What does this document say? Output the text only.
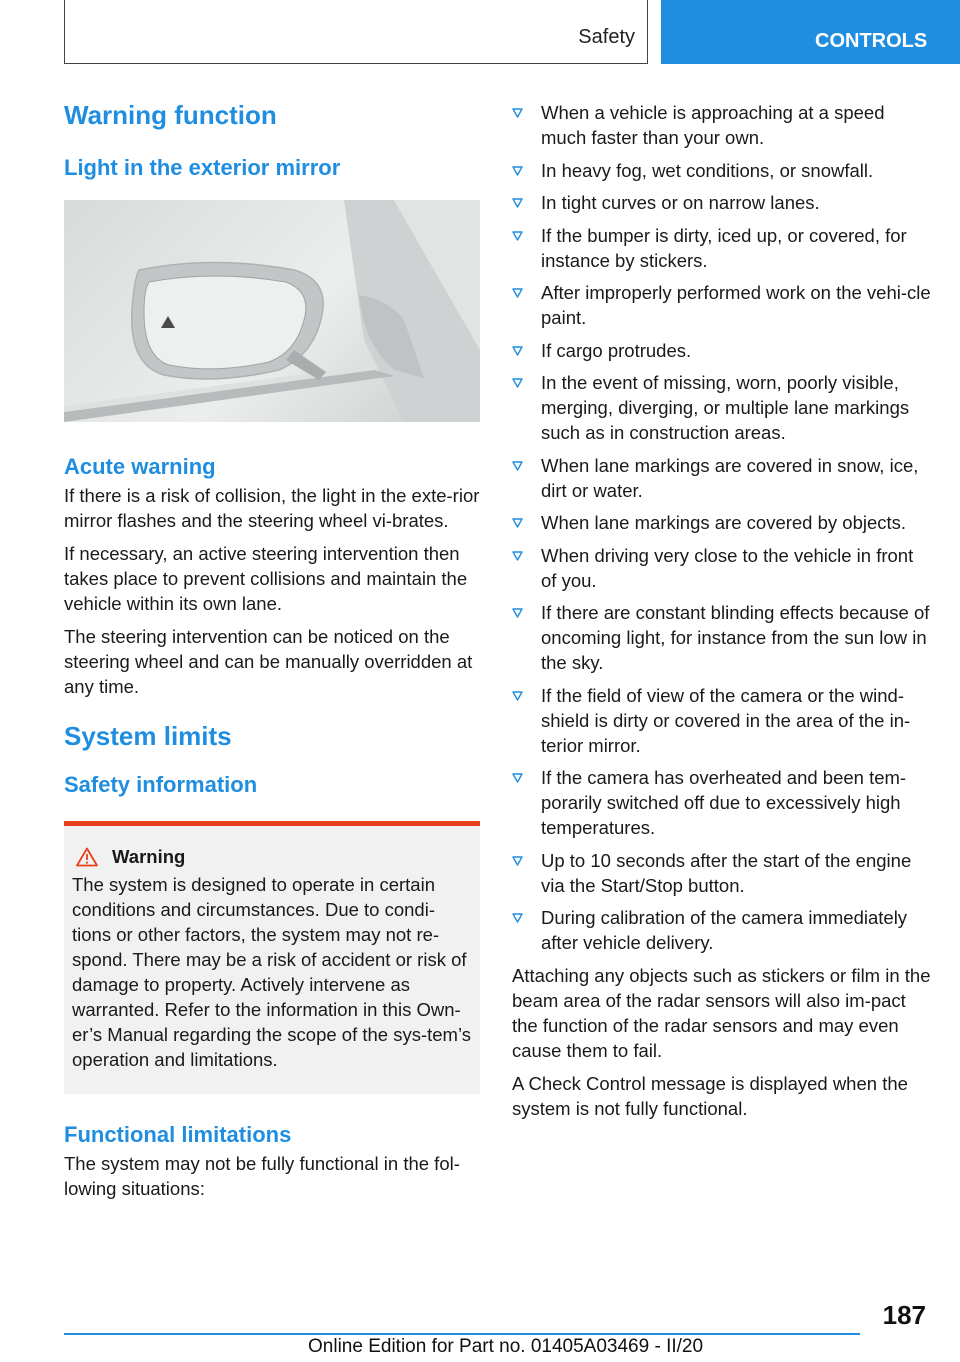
Safety	CONTROLS
Warning function
Light in the exterior mirror
Acute warning

If there is a risk of collision, the light in the exte‐rior mirror flashes and the steering wheel vi‐brates.

If necessary, an active steering intervention then takes place to prevent collisions and maintain the vehicle within its own lane.

The steering intervention can be noticed on the steering wheel and can be manually overridden at any time.

System limits
Safety information
Warning

The system is designed to operate in certain conditions and circumstances. Due to condi‐tions or other factors, the system may not re‐spond. There may be a risk of accident or risk of damage to property. Actively intervene as warranted. Refer to the information in this Own‐er’s Manual regarding the scope of the sys‐tem’s operation and limitations.

Functional limitations

The system may not be fully functional in the fol‐lowing situations:

When a vehicle is approaching at a speed much faster than your own.
In heavy fog, wet conditions, or snowfall.
In tight curves or on narrow lanes.
If the bumper is dirty, iced up, or covered, for instance by stickers.
After improperly performed work on the vehi‐cle paint.
If cargo protrudes.
In the event of missing, worn, poorly visible, merging, diverging, or multiple lane markings such as in construction areas.
When lane markings are covered in snow, ice, dirt or water.
When lane markings are covered by objects.
When driving very close to the vehicle in front of you.
If there are constant blinding effects because of oncoming light, for instance from the sun low in the sky.
If the field of view of the camera or the wind‐shield is dirty or covered in the area of the in‐terior mirror.
If the camera has overheated and been tem‐porarily switched off due to excessively high temperatures.
Up to 10 seconds after the start of the engine via the Start/Stop button.
During calibration of the camera immediately after vehicle delivery.

Attaching any objects such as stickers or film in the beam area of the radar sensors will also im‐pact the function of the radar sensors and may even cause them to fail.

A Check Control message is displayed when the system is not fully functional.

187
Online Edition for Part no. 01405A03469 - II/20
